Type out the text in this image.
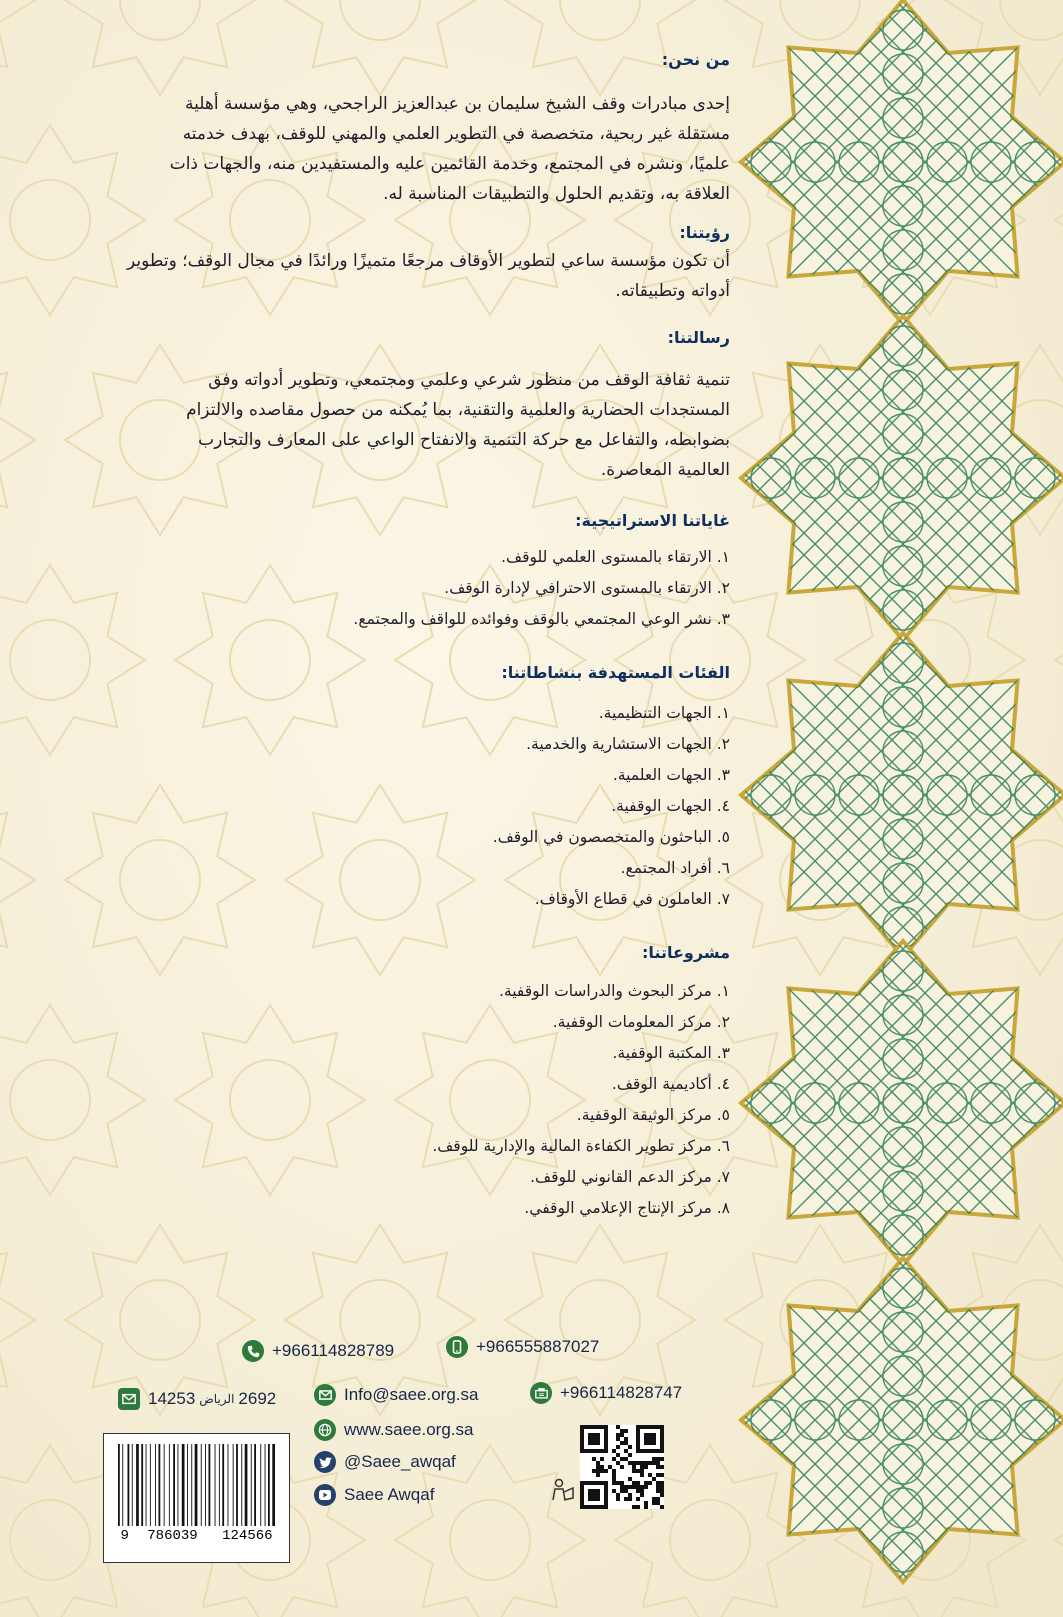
من نحن:

إحدى مبادرات وقف الشيخ سليمان بن عبدالعزيز الراجحي، وهي مؤسسة أهلية
مستقلة غير ربحية، متخصصة في التطوير العلمي والمهني للوقف، بهدف خدمته
علميًا، ونشره في المجتمع، وخدمة القائمين عليه والمستفيدين منه، والجهات ذات
العلاقة به، وتقديم الحلول والتطبيقات المناسبة له.

رؤيتنا:

أن تكون مؤسسة ساعي لتطوير الأوقاف مرجعًا متميزًا ورائدًا في مجال الوقف؛ وتطوير
أدواته وتطبيقاته.

رسالتنا:

تنمية ثقافة الوقف من منظور شرعي وعلمي ومجتمعي، وتطوير أدواته وفق
المستجدات الحضارية والعلمية والتقنية، بما يُمكنه من حصول مقاصده والالتزام
بضوابطه، والتفاعل مع حركة التنمية والانفتاح الواعي على المعارف والتجارب
العالمية المعاصرة.

غاياتنا الاستراتيجية:
١. الارتقاء بالمستوى العلمي للوقف.
٢. الارتقاء بالمستوى الاحترافي لإدارة الوقف.
٣. نشر الوعي المجتمعي بالوقف وفوائده للواقف والمجتمع.
الفئات المستهدفة بنشاطاتنا:
١. الجهات التنظيمية.
٢. الجهات الاستشارية والخدمية.
٣. الجهات العلمية.
٤. الجهات الوقفية.
٥. الباحثون والمتخصصون في الوقف.
٦. أفراد المجتمع.
٧. العاملون في قطاع الأوقاف.
مشروعاتنا:
١. مركز البحوث والدراسات الوقفية.
٢. مركز المعلومات الوقفية.
٣. المكتبة الوقفية.
٤. أكاديمية الوقف.
٥. مركز الوثيقة الوقفية.
٦. مركز تطوير الكفاءة المالية والإدارية للوقف.
٧. مركز الدعم القانوني للوقف.
٨. مركز الإنتاج الإعلامي الوقفي.
+966114828789	+966555887027
14253 الرياض 2692	Info@saee.org.sa	+966114828747
www.saee.org.sa
@Saee_awqaf
Saee Awqaf
9 786039 124566
